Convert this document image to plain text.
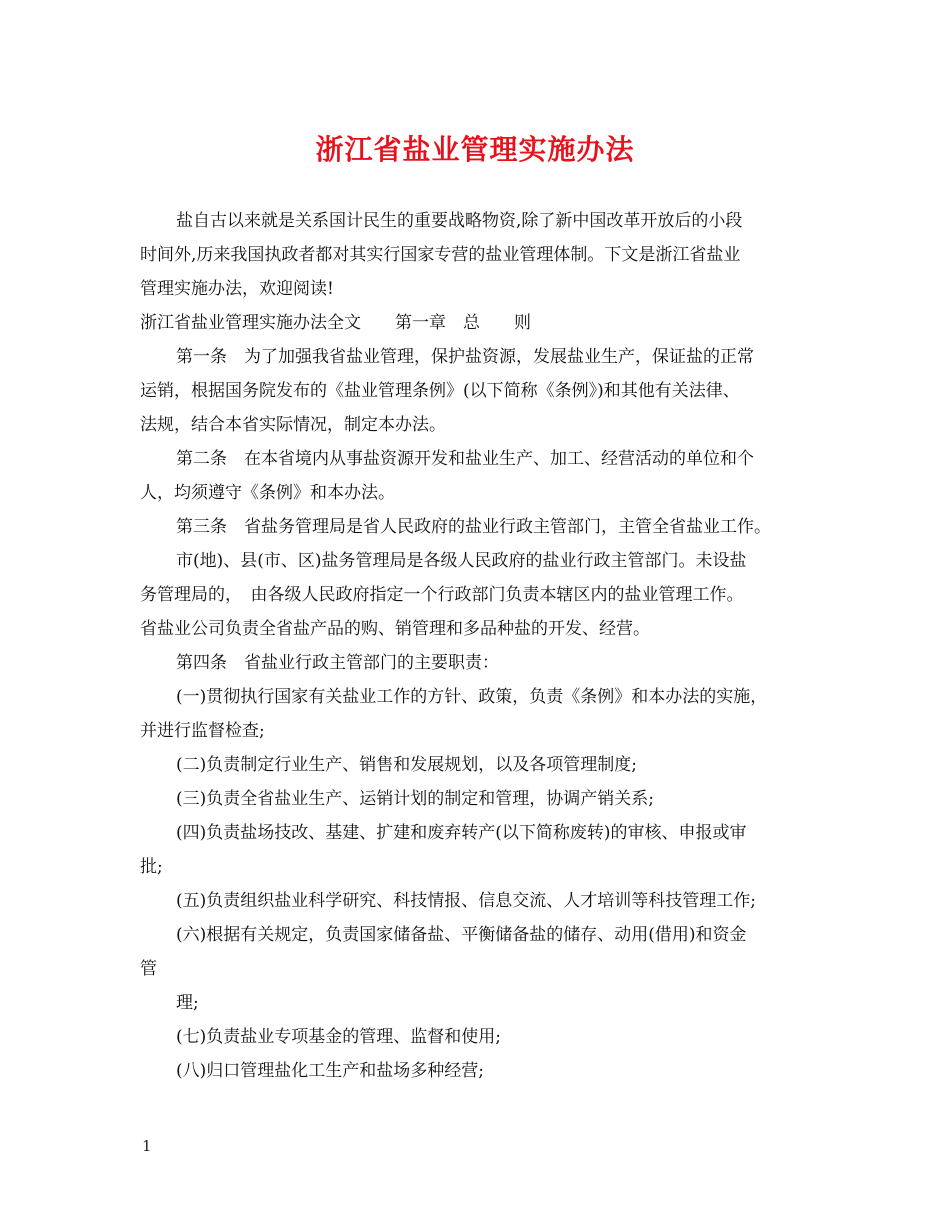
浙江省盐业管理实施办法
盐自古以来就是关系国计民生的重要战略物资,除了新中国改革开放后的小段
时间外,历来我国执政者都对其实行国家专营的盐业管理体制。下文是浙江省盐业
管理实施办法，欢迎阅读!
浙江省盐业管理实施办法全文　　第一章　总　　则
第一条　为了加强我省盐业管理，保护盐资源，发展盐业生产，保证盐的正常
运销，根据国务院发布的《盐业管理条例》(以下简称《条例》)和其他有关法律、
法规，结合本省实际情况，制定本办法。
第二条　在本省境内从事盐资源开发和盐业生产、加工、经营活动的单位和个
人，均须遵守《条例》和本办法。
第三条　省盐务管理局是省人民政府的盐业行政主管部门，主管全省盐业工作。
市(地)、县(市、区)盐务管理局是各级人民政府的盐业行政主管部门。未设盐
务管理局的，　由各级人民政府指定一个行政部门负责本辖区内的盐业管理工作。
省盐业公司负责全省盐产品的购、销管理和多品种盐的开发、经营。
第四条　省盐业行政主管部门的主要职责：
(一)贯彻执行国家有关盐业工作的方针、政策，负责《条例》和本办法的实施，
并进行监督检查;
(二)负责制定行业生产、销售和发展规划，以及各项管理制度;
(三)负责全省盐业生产、运销计划的制定和管理，协调产销关系;
(四)负责盐场技改、基建、扩建和废弃转产(以下简称废转)的审核、申报或审
批;
(五)负责组织盐业科学研究、科技情报、信息交流、人才培训等科技管理工作;
(六)根据有关规定，负责国家储备盐、平衡储备盐的储存、动用(借用)和资金
管
理;
(七)负责盐业专项基金的管理、监督和使用;
(八)归口管理盐化工生产和盐场多种经营;
1
